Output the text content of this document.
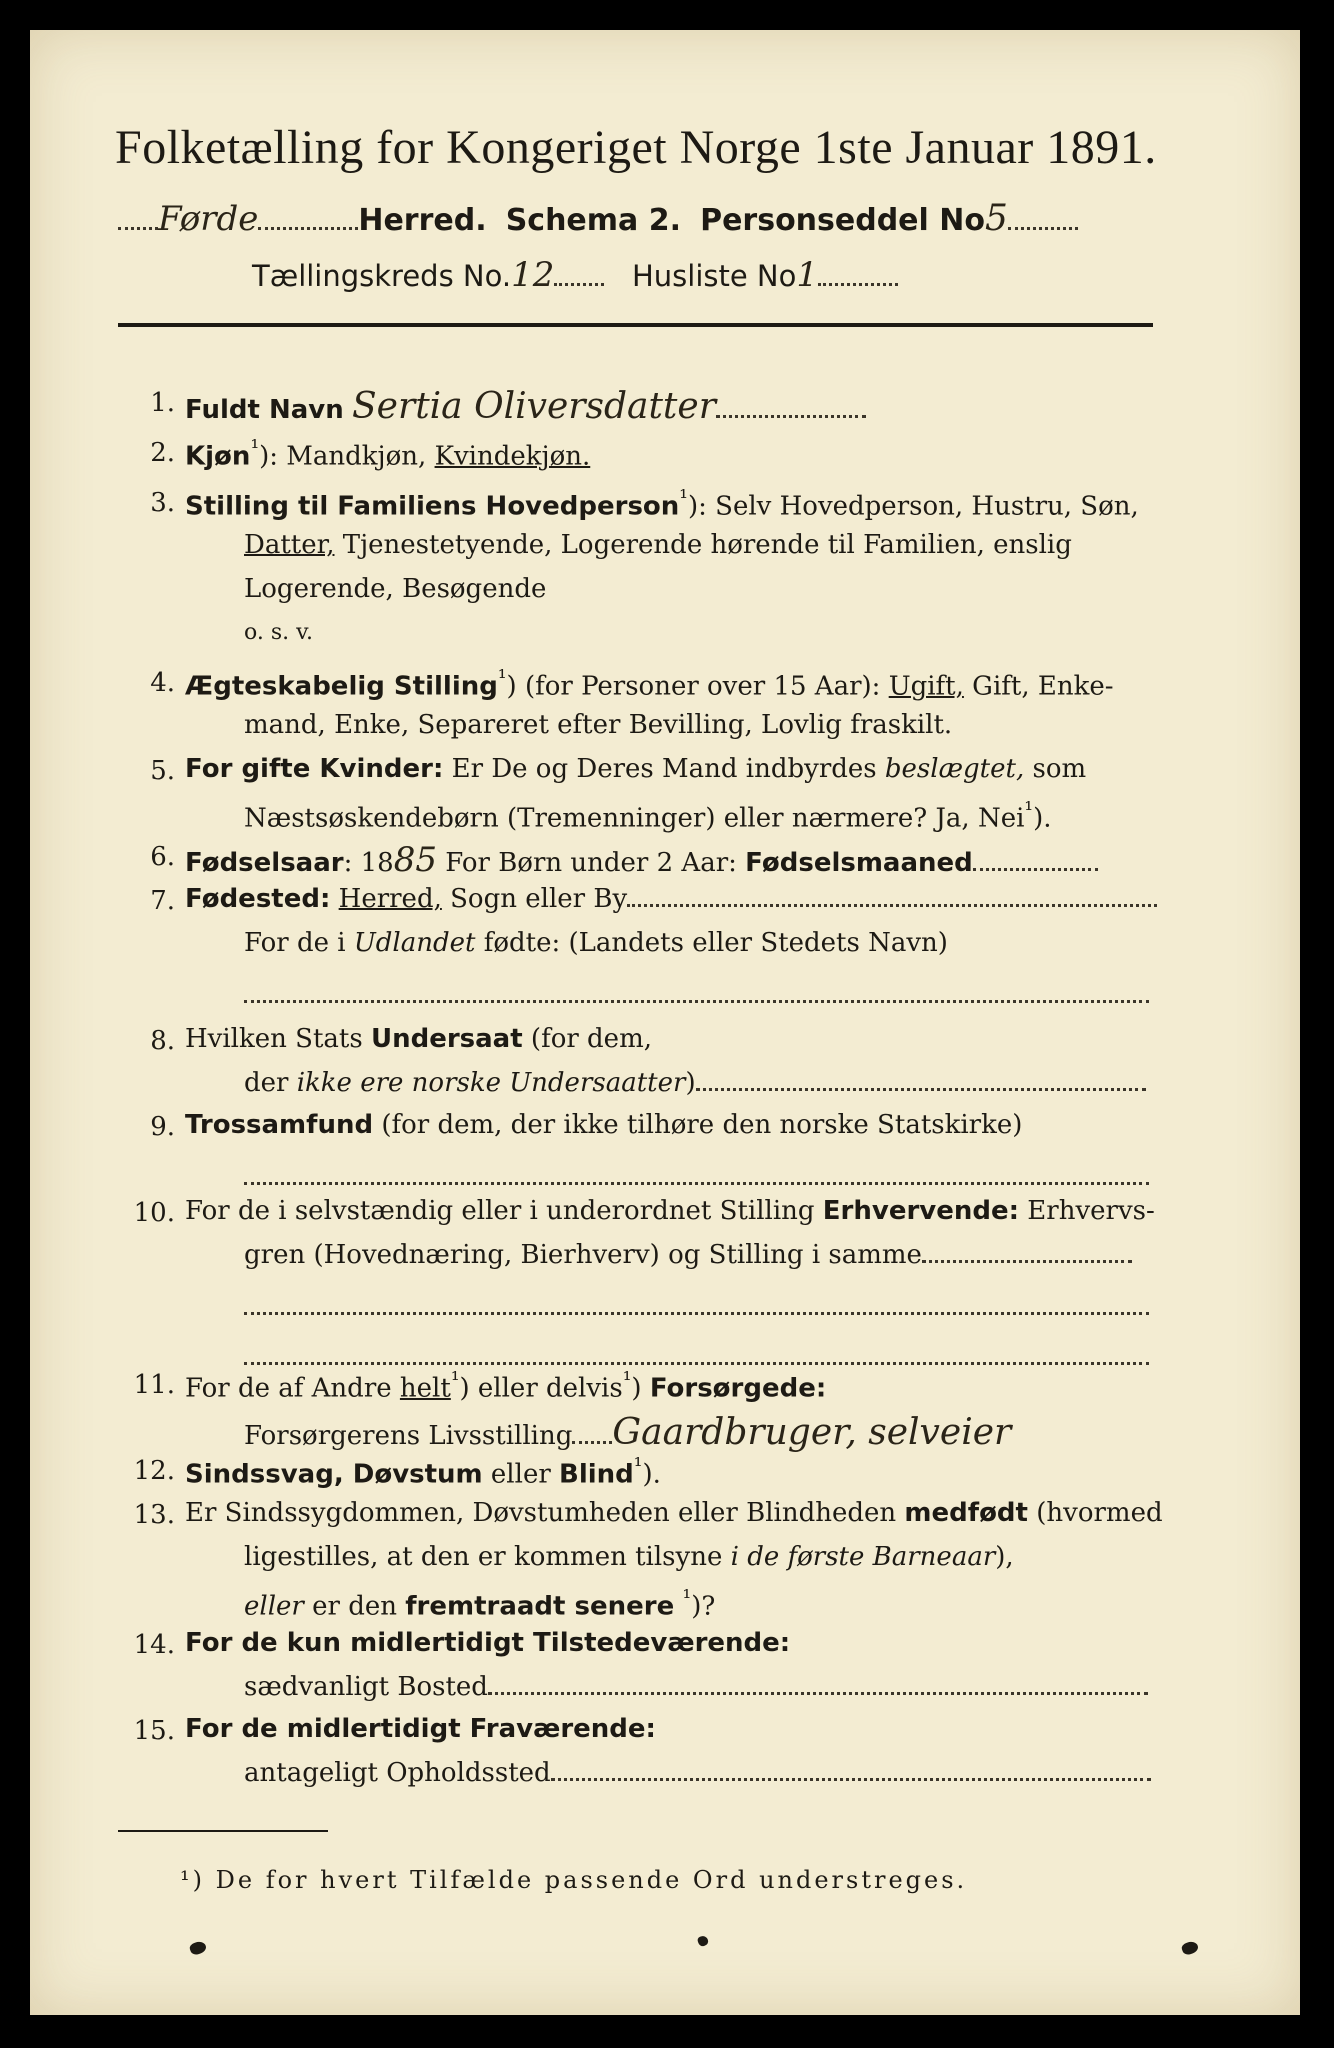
Folketælling for Kongeriget Norge 1ste Januar 1891.
Førde	Herred. Schema 2. Personseddel No5
Tællingskreds No.12	Husliste No1
1. Fuldt Navn Sertia Oliversdatter
2. Kjøn$^{^1}$): Mandkjøn, Kvindekjøn.
3. Stilling til Familiens Hovedperson$^{^1}$): Selv Hovedperson, Hustru, Søn,
Datter, Tjenestetyende, Logerende hørende til Familien, enslig
Logerende, Besøgende
o. s. v.
4. Ægteskabelig Stilling$^{^1}$) (for Personer over 15 Aar): Ugift, Gift, Enke-
mand, Enke, Separeret efter Bevilling, Lovlig fraskilt.
5. For gifte Kvinder: Er De og Deres Mand indbyrdes beslægtet, som
Næstsøskendebørn (Tremenninger) eller nærmere? Ja, Nei$^{^1}$).
6. Fødselsaar: 1885 For Børn under 2 Aar: Fødselsmaaned
7. Fødested: Herred, Sogn eller By
For de i Udlandet fødte: (Landets eller Stedets Navn)
8. Hvilken Stats Undersaat (for dem,
der ikke ere norske Undersaatter)
9. Trossamfund (for dem, der ikke tilhøre den norske Statskirke)
10. For de i selvstændig eller i underordnet Stilling Erhvervende: Erhvervs-
gren (Hovednæring, Bierhverv) og Stilling i samme
11. For de af Andre helt$^{^1}$) eller delvis$^{^1}$) Forsørgede:
Forsørgerens Livsstilling Gaardbruger, selveier
12. Sindssvag, Døvstum eller Blind$^{^1}$).
13. Er Sindssygdommen, Døvstumheden eller Blindheden medfødt (hvormed
ligestilles, at den er kommen tilsyne i de første Barneaar),
eller er den fremtraadt senere $^{^1}$)?
14. For de kun midlertidigt Tilstedeværende:
sædvanligt Bosted
15. For de midlertidigt Fraværende:
antageligt Opholdssted
¹) De for hvert Tilfælde passende Ord understreges.
